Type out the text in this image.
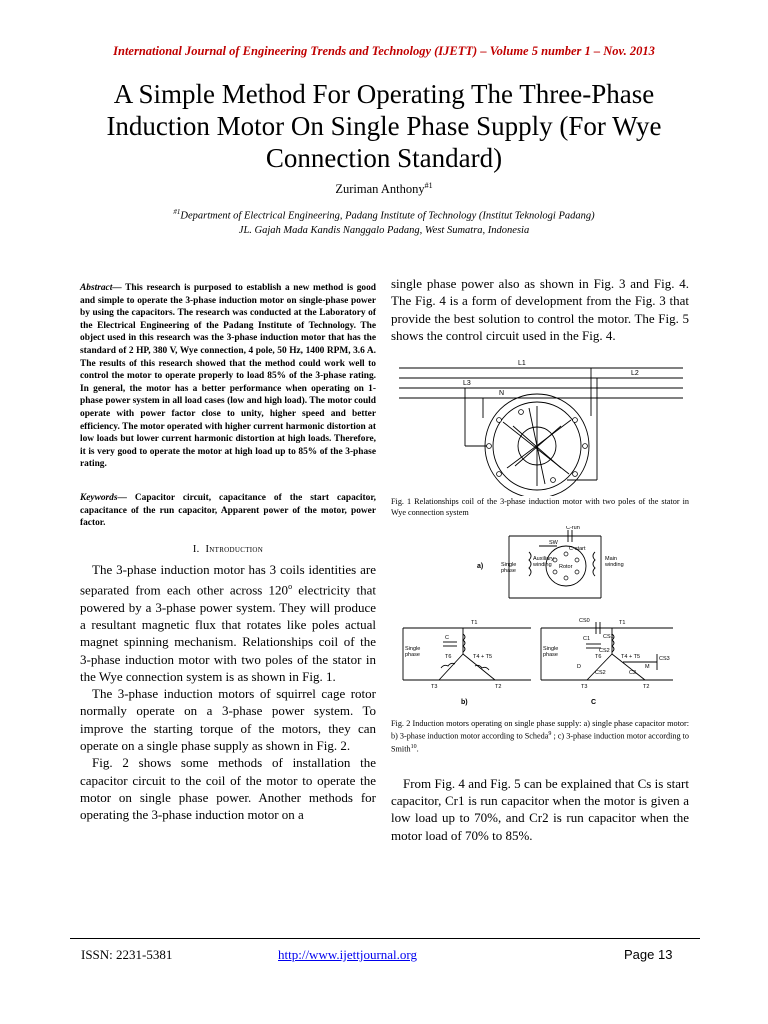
International Journal of Engineering Trends and Technology (IJETT) – Volume 5 number 1 – Nov. 2013
A Simple Method For Operating The Three-Phase Induction Motor On Single Phase Supply (For Wye Connection Standard)
Zuriman Anthony$^{\#1}$
$^{\#1}$Department of Electrical Engineering, Padang Institute of Technology (Institut Teknologi Padang)
JL. Gajah Mada Kandis Nanggalo Padang, West Sumatra, Indonesia

Abstract— This research is purposed to establish a new method is good and simple to operate the 3-phase induction motor on single-phase power by using the capacitors. The research was conducted at the Laboratory of the Electrical Engineering of the Padang Institute of Technology. The object used in this research was the 3-phase induction motor that has the standard of 2 HP, 380 V, Wye connection, 4 pole, 50 Hz, 1400 RPM, 3.6 A. The results of this research showed that the method could work well to control the motor to operate properly to load 85% of the 3-phase rating. In general, the motor has a better performance when operating on 1-phase power system in all load cases (low and high load). The motor could operate with power factor close to unity, higher speed and better efficiency. The motor operated with higher current harmonic distortion at low loads but lower current harmonic distortion at high loads. Therefore, it is very good to operate the motor at high load up to 85% of the 3-phase rating.

Keywords— Capacitor circuit, capacitance of the start capacitor, capacitance of the run capacitor, Apparent power of the motor, power factor.

I. Introduction

The 3-phase induction motor has 3 coils identities are separated from each other across 120$^o$ electricity that powered by a 3-phase power system. They will produce a resultant magnetic flux that rotates like poles actual magnet spinning mechanism. Relationships coil of the 3-phase induction motor with two poles of the stator in the Wye connection system is as shown in Fig. 1.

The 3-phase induction motors of squirrel cage rotor normally operate on a 3-phase power system. To improve the starting torque of the motors, they can operate on a single phase supply as shown in Fig. 2.

Fig. 2 shows some methods of installation the capacitor circuit to the coil of the motor to operate the motor on single phase power. Another methods for operating the 3-phase induction motor on a

single phase power also as shown in Fig. 3 and Fig. 4. The Fig. 4 is a form of development from the Fig. 3 that provide the best solution to control the motor. The Fig. 5 shows the control circuit used in the Fig. 4.

L1
L2
L3
N

Fig. 1 Relationships coil of the 3-phase induction motor with two poles of the stator in Wye connection system

C-run
SW
C-start
Rotor
Auxiliary
winding
Main
winding
Single
phase
Single
phase
T1
C
T6	T4 + T5
T3	T2
Single
phase
T1
CS0
CS1
C1
CS2
T6	T4 + T5
D
CS2	C2
M
CS3
T3	T2
a)
b)	C

Fig. 2 Induction motors operating on single phase supply: a) single phase capacitor motor: b) 3-phase induction motor according to Scheda$^9$ ; c) 3-phase induction motor according to Smith$^{10}$.

From Fig. 4 and Fig. 5 can be explained that Cs is start capacitor, Cr1 is run capacitor when the motor is given a low load up to 70%, and Cr2 is run capacitor when the motor load of 70% to 85%.

ISSN: 2231-5381	http://www.ijettjournal.org	Page 13
